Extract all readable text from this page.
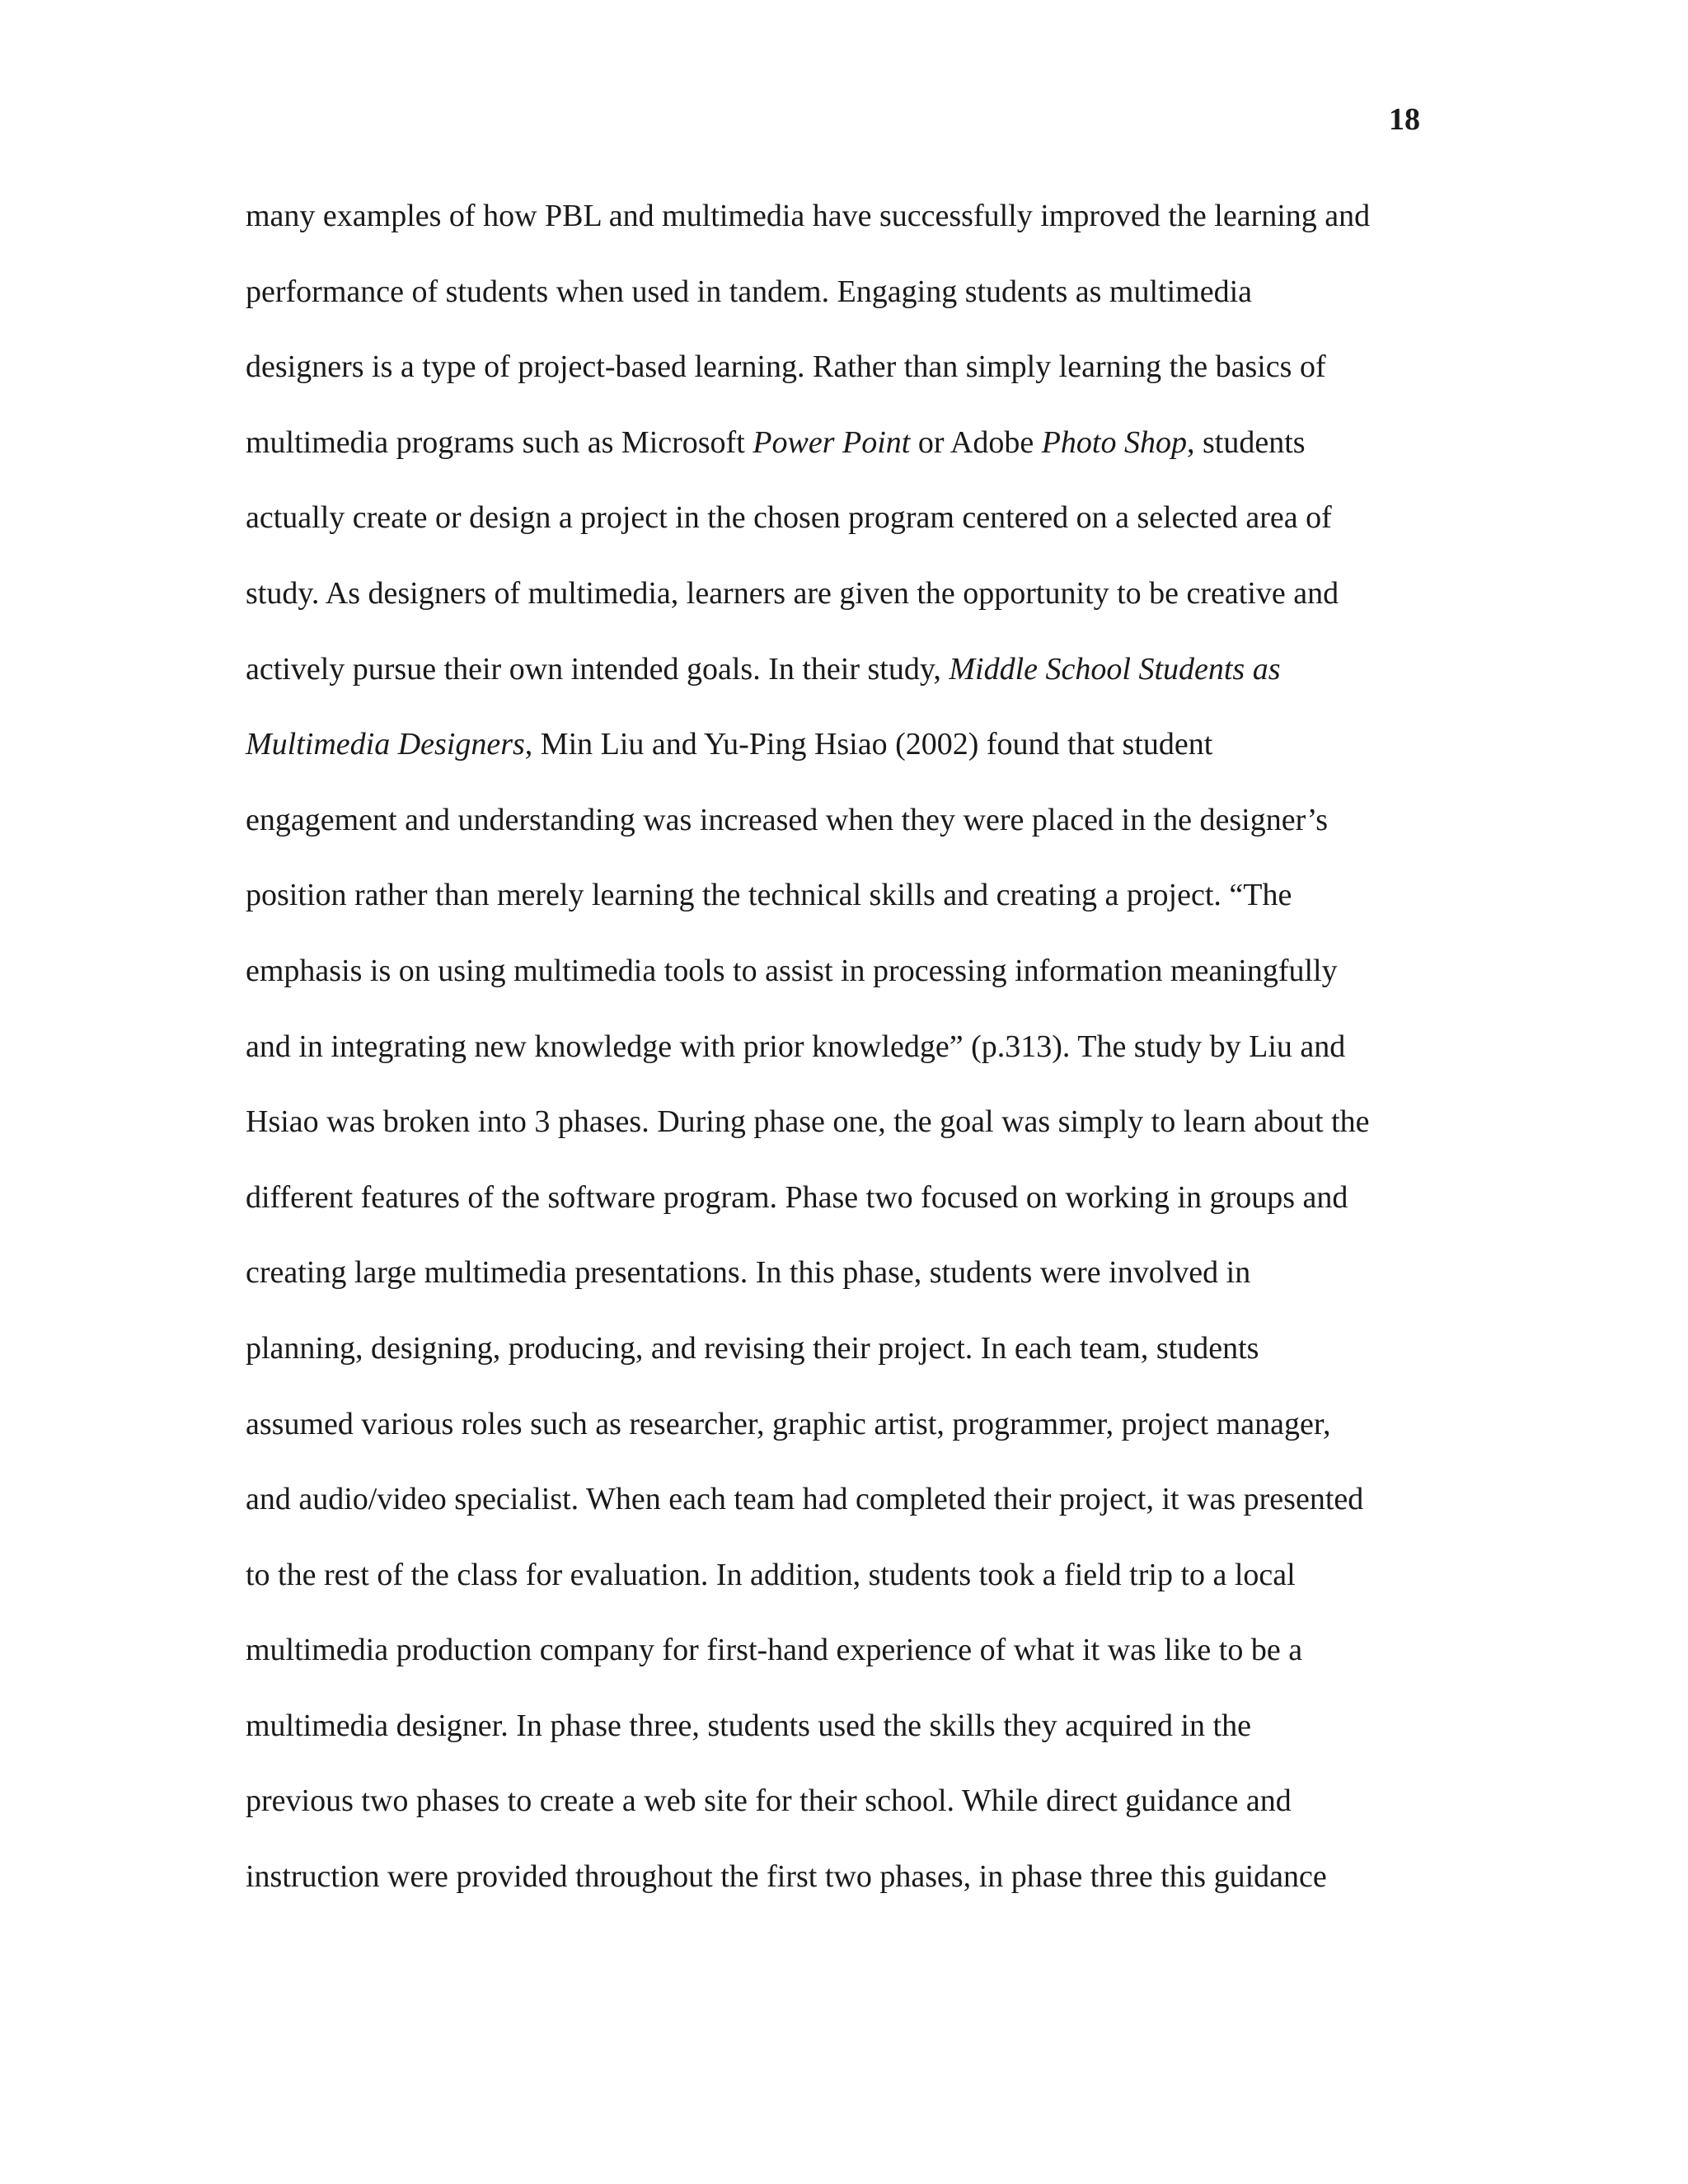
18

many examples of how PBL and multimedia have successfully improved the learning and
performance of students when used in tandem. Engaging students as multimedia
designers is a type of project-based learning. Rather than simply learning the basics of
multimedia programs such as Microsoft Power Point or Adobe Photo Shop, students
actually create or design a project in the chosen program centered on a selected area of
study. As designers of multimedia, learners are given the opportunity to be creative and
actively pursue their own intended goals. In their study, Middle School Students as
Multimedia Designers, Min Liu and Yu-Ping Hsiao (2002) found that student
engagement and understanding was increased when they were placed in the designer’s
position rather than merely learning the technical skills and creating a project. “The
emphasis is on using multimedia tools to assist in processing information meaningfully
and in integrating new knowledge with prior knowledge” (p.313). The study by Liu and
Hsiao was broken into 3 phases. During phase one, the goal was simply to learn about the
different features of the software program. Phase two focused on working in groups and
creating large multimedia presentations. In this phase, students were involved in
planning, designing, producing, and revising their project. In each team, students
assumed various roles such as researcher, graphic artist, programmer, project manager,
and audio/video specialist. When each team had completed their project, it was presented
to the rest of the class for evaluation. In addition, students took a field trip to a local
multimedia production company for first-hand experience of what it was like to be a
multimedia designer. In phase three, students used the skills they acquired in the
previous two phases to create a web site for their school. While direct guidance and
instruction were provided throughout the first two phases, in phase three this guidance
